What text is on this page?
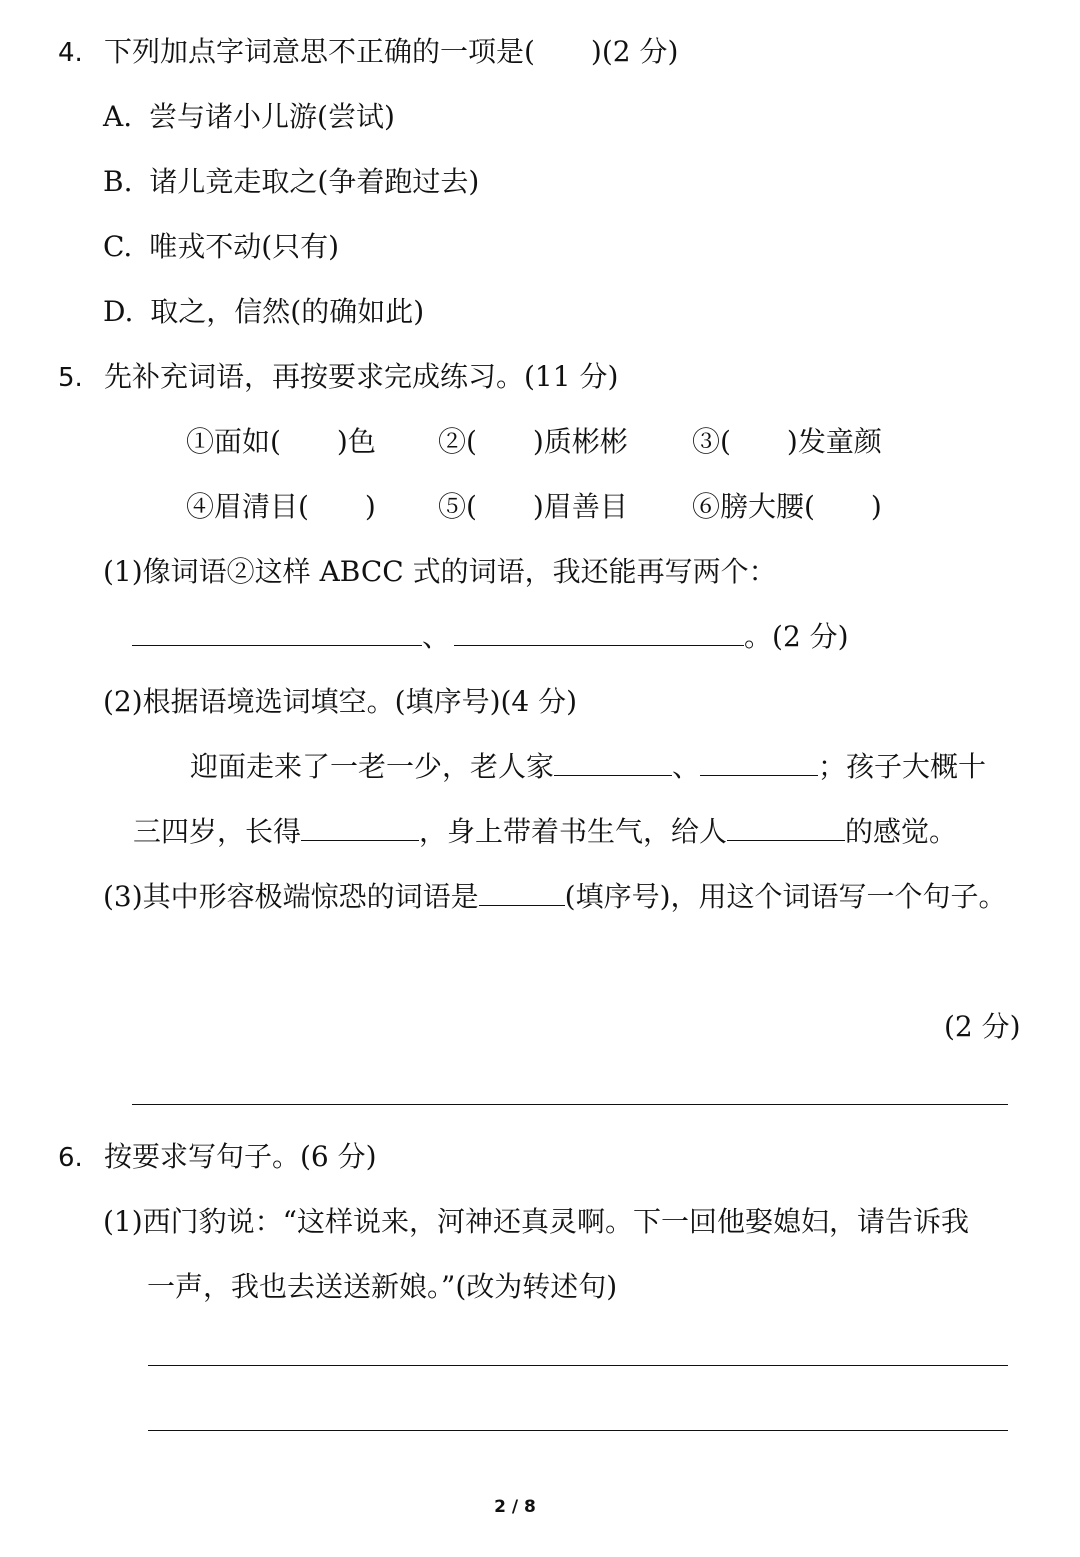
4. 下列加点字词意思不正确的一项是(　　)(2 分)
A. 尝与诸小儿游(尝试)
B. 诸儿竞走取之(争着跑过去)
C. 唯戎不动(只有)
D. 取之，信然(的确如此)
5. 先补充词语，再按要求完成练习。(11 分)
①面如(　　)色 ②(　　)质彬彬 ③(　　)发童颜
④眉清目(　　) ⑤(　　)眉善目 ⑥膀大腰(　　)
(1)像词语②这样 ABCC 式的词语，我还能再写两个：
、	。(2 分)
(2)根据语境选词填空。(填序号)(4 分)
迎面走来了一老一少，老人家	、	；孩子大概十
三四岁，长得	，身上带着书生气，给人	的感觉。
(3)其中形容极端惊恐的词语是	(填序号)，用这个词语写一个句子。
(2 分)
6. 按要求写句子。(6 分)
(1)西门豹说：“这样说来，河神还真灵啊。下一回他娶媳妇，请告诉我
一声，我也去送送新娘。”(改为转述句)
2 / 8
